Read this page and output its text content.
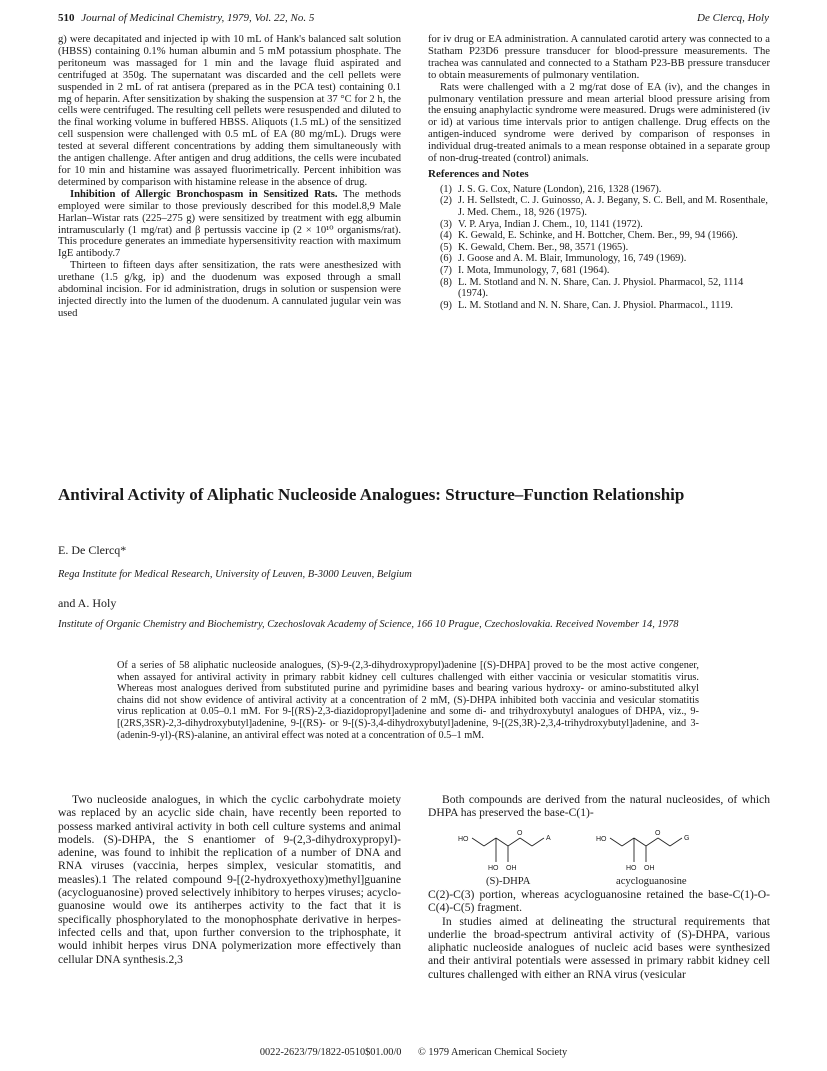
510 Journal of Medicinal Chemistry, 1979, Vol. 22, No. 5	De Clercq, Holy

g) were decapitated and injected ip with 10 mL of Hank's balanced salt solution (HBSS) containing 0.1% human albumin and 5 mM potassium phosphate. The peritoneum was massaged for 1 min and the lavage fluid aspirated and centrifuged at 350g. The supernatant was discarded and the cell pellets were suspended in 2 mL of rat antisera (prepared as in the PCA test) containing 0.1 mg of heparin. After sensitization by shaking the suspension at 37 °C for 2 h, the cells were centrifuged. The resulting cell pellets were resuspended and diluted to the final working volume in buffered HBSS. Aliquots (1.5 mL) of the sensitized cell suspension were challenged with 0.5 mL of EA (80 mg/mL). Drugs were tested at several different concentrations by adding them simultaneously with the antigen challenge. After antigen and drug additions, the cells were incubated for 10 min and histamine was assayed fluorimetrically. Percent inhibition was determined by comparison with histamine release in the absence of drug.

Inhibition of Allergic Bronchospasm in Sensitized Rats. The methods employed were similar to those previously described for this model.8,9 Male Harlan–Wistar rats (225–275 g) were sensitized by treatment with egg albumin intramuscularly (1 mg/rat) and β pertussis vaccine ip (2 × 10¹⁰ organisms/rat). This procedure generates an immediate hypersensitivity reaction with maximum IgE antibody.7

Thirteen to fifteen days after sensitization, the rats were anesthesized with urethane (1.5 g/kg, ip) and the duodenum was exposed through a small abdominal incision. For id administration, drugs in solution or suspension were injected directly into the lumen of the duodenum. A cannulated jugular vein was used

for iv drug or EA administration. A cannulated carotid artery was connected to a Statham P23D6 pressure transducer for blood-pressure measurements. The trachea was cannulated and connected to a Statham P23-BB pressure transducer to obtain measurements of pulmonary ventilation.

Rats were challenged with a 2 mg/rat dose of EA (iv), and the changes in pulmonary ventilation pressure and mean arterial blood pressure arising from the ensuing anaphylactic syndrome were measured. Drugs were administered (iv or id) at various time intervals prior to antigen challenge. Drug effects on the antigen-induced syndrome were derived by comparison of responses in individual drug-treated animals to a mean response obtained in a separate group of non-drug-treated (control) animals.

References and Notes
(1) J. S. G. Cox, Nature (London), 216, 1328 (1967).
(2) J. H. Sellstedt, C. J. Guinosso, A. J. Begany, S. C. Bell, and M. Rosenthale, J. Med. Chem., 18, 926 (1975).
(3) V. P. Arya, Indian J. Chem., 10, 1141 (1972).
(4) K. Gewald, E. Schinke, and H. Bottcher, Chem. Ber., 99, 94 (1966).
(5) K. Gewald, Chem. Ber., 98, 3571 (1965).
(6) J. Goose and A. M. Blair, Immunology, 16, 749 (1969).
(7) I. Mota, Immunology, 7, 681 (1964).
(8) L. M. Stotland and N. N. Share, Can. J. Physiol. Pharmacol, 52, 1114 (1974).
(9) L. M. Stotland and N. N. Share, Can. J. Physiol. Pharmacol., 1119.
Antiviral Activity of Aliphatic Nucleoside Analogues: Structure–Function Relationship
E. De Clercq*
Rega Institute for Medical Research, University of Leuven, B-3000 Leuven, Belgium
and A. Holy
Institute of Organic Chemistry and Biochemistry, Czechoslovak Academy of Science, 166 10 Prague, Czechoslovakia. Received November 14, 1978
Of a series of 58 aliphatic nucleoside analogues, (S)-9-(2,3-dihydroxypropyl)adenine [(S)-DHPA] proved to be the most active congener, when assayed for antiviral activity in primary rabbit kidney cell cultures challenged with either vaccinia or vesicular stomatitis virus. Whereas most analogues derived from substituted purine and pyrimidine bases and bearing various hydroxy- or amino-substituted alkyl chains did not show evidence of antiviral activity at a concentration of 2 mM, (S)-DHPA inhibited both vaccinia and vesicular stomatitis virus replication at 0.05–0.1 mM. For 9-[(RS)-2,3-diazidopropyl]adenine and some di- and trihydroxybutyl analogues of DHPA, viz., 9-[(2RS,3SR)-2,3-dihydroxybutyl]adenine, 9-[(RS)- or 9-[(S)-3,4-dihydroxybutyl]adenine, 9-[(2S,3R)-2,3,4-trihydroxybutyl]adenine, and 3-(adenin-9-yl)-(RS)-alanine, an antiviral effect was noted at a concentration of 0.5–1 mM.

Two nucleoside analogues, in which the cyclic carbohydrate moiety was replaced by an acyclic side chain, have recently been reported to possess marked antiviral activity in both cell culture systems and animal models. (S)-DHPA, the S enantiomer of 9-(2,3-dihydroxypropyl)-adenine, was found to inhibit the replication of a number of DNA and RNA viruses (vaccinia, herpes simplex, vesicular stomatitis, and measles).1 The related compound 9-[(2-hydroxyethoxy)methyl]guanine (acycloguanosine) proved selectively inhibitory to herpes viruses; acycloguanosine would owe its antiherpes activity to the fact that it is specifically phosphorylated to the monophosphate derivative in herpes-infected cells and that, upon further conversion to the triphosphate, it would inhibit herpes virus DNA polymerization more effectively than cellular DNA synthesis.2,3

Both compounds are derived from the natural nucleosides, of which DHPA has preserved the base-C(1)-

HO
O
A
HO OH
HO
O
G
HO OH
(S)-DHPA	acycloguanosine

C(2)-C(3) portion, whereas acycloguanosine retained the base-C(1)-O-C(4)-C(5) fragment.

In studies aimed at delineating the structural requirements that underlie the broad-spectrum antiviral activity of (S)-DHPA, various aliphatic nucleoside analogues of nucleic acid bases were synthesized and their antiviral potentials were assessed in primary rabbit kidney cell cultures challenged with either an RNA virus (vesicular

0022-2623/79/1822-0510$01.00/0 © 1979 American Chemical Society
